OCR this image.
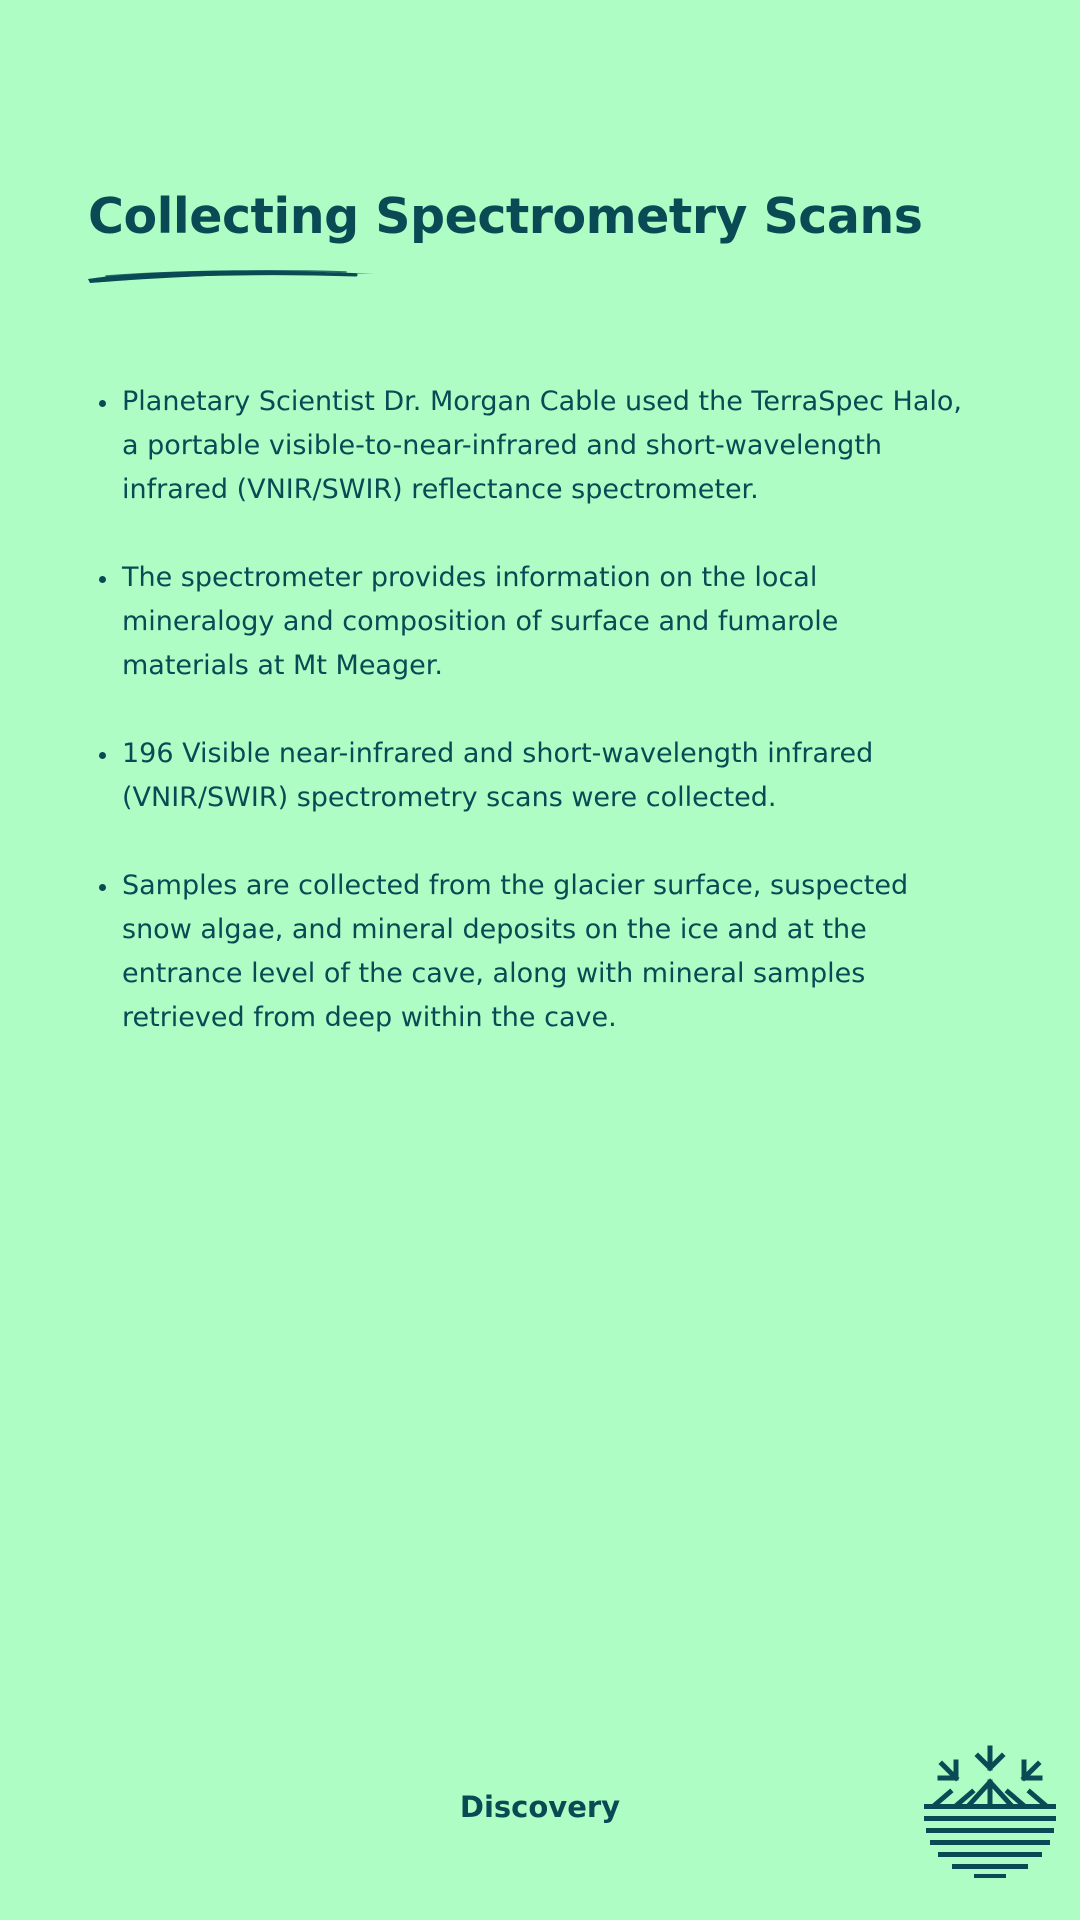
Collecting Spectrometry Scans
Planetary Scientist Dr. Morgan Cable used the TerraSpec Halo, a portable visible-to-near-infrared and short-wavelength infrared (VNIR/SWIR) reflectance spectrometer.
The spectrometer provides information on the local mineralogy and composition of surface and fumarole materials at Mt Meager.
196 Visible near-infrared and short-wavelength infrared (VNIR/SWIR) spectrometry scans were collected.
Samples are collected from the glacier surface, suspected snow algae, and mineral deposits on the ice and at the entrance level of the cave, along with mineral samples retrieved from deep within the cave.
Discovery
